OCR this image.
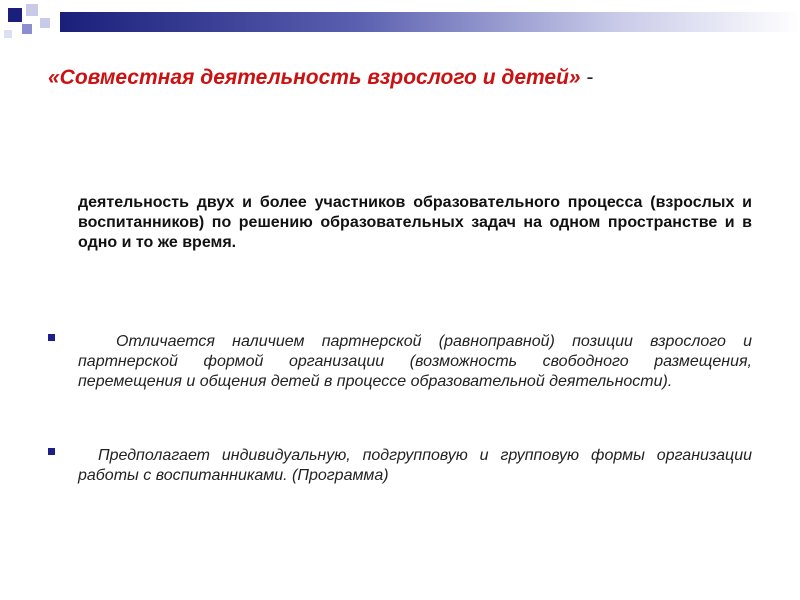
«Совместная деятельность взрослого и детей» -
деятельность двух и более участников образовательного процесса (взрослых и воспитанников) по решению образовательных задач на одном пространстве и в одно и то же время.
Отличается наличием партнерской (равноправной) позиции взрослого и партнерской формой организации (возможность свободного размещения, перемещения и общения детей в процессе образовательной деятельности).
Предполагает индивидуальную, подгрупповую и групповую формы организации работы с воспитанниками. (Программа)
